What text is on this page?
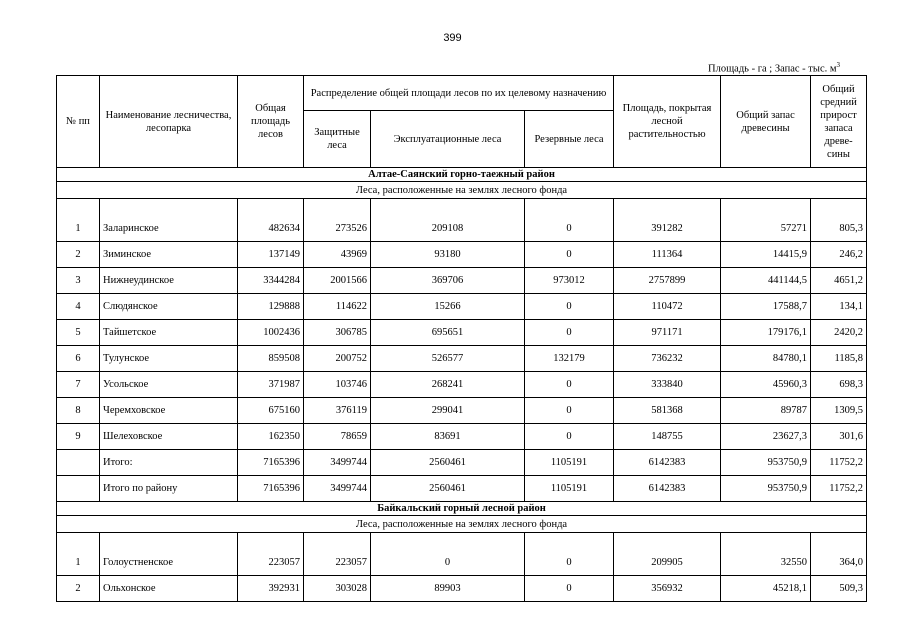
399
Площадь - га ; Запас - тыс. $м^3$
№ пп	Наименование лесничества, лесопарка	Общая площадь лесов	Распределение общей площади лесов по их целевому назначению			Площадь, покрытая лесной растительностью	Общий запас древесины	Общий средний прирост запаса древе-сины
			Защитные леса	Эксплуатационные леса	Резервные леса			
Алтае-Саянский горно-таежный район								
Леса, расположенные на землях лесного фонда								

1	Заларинское	482634	273526	209108	0	391282	57271	805,3
2	Зиминское	137149	43969	93180	0	111364	14415,9	246,2
3	Нижнеудинское	3344284	2001566	369706	973012	2757899	441144,5	4651,2
4	Слюдянское	129888	114622	15266	0	110472	17588,7	134,1
5	Тайшетское	1002436	306785	695651	0	971171	179176,1	2420,2
6	Тулунское	859508	200752	526577	132179	736232	84780,1	1185,8
7	Усольское	371987	103746	268241	0	333840	45960,3	698,3
8	Черемховское	675160	376119	299041	0	581368	89787	1309,5
9	Шелеховское	162350	78659	83691	0	148755	23627,3	301,6
	Итого:	7165396	3499744	2560461	1105191	6142383	953750,9	11752,2
	Итого по району	7165396	3499744	2560461	1105191	6142383	953750,9	11752,2
Байкальский горный лесной район								
Леса, расположенные на землях лесного фонда								

1	Голоустненское	223057	223057	0	0	209905	32550	364,0
2	Ольхонское	392931	303028	89903	0	356932	45218,1	509,3
